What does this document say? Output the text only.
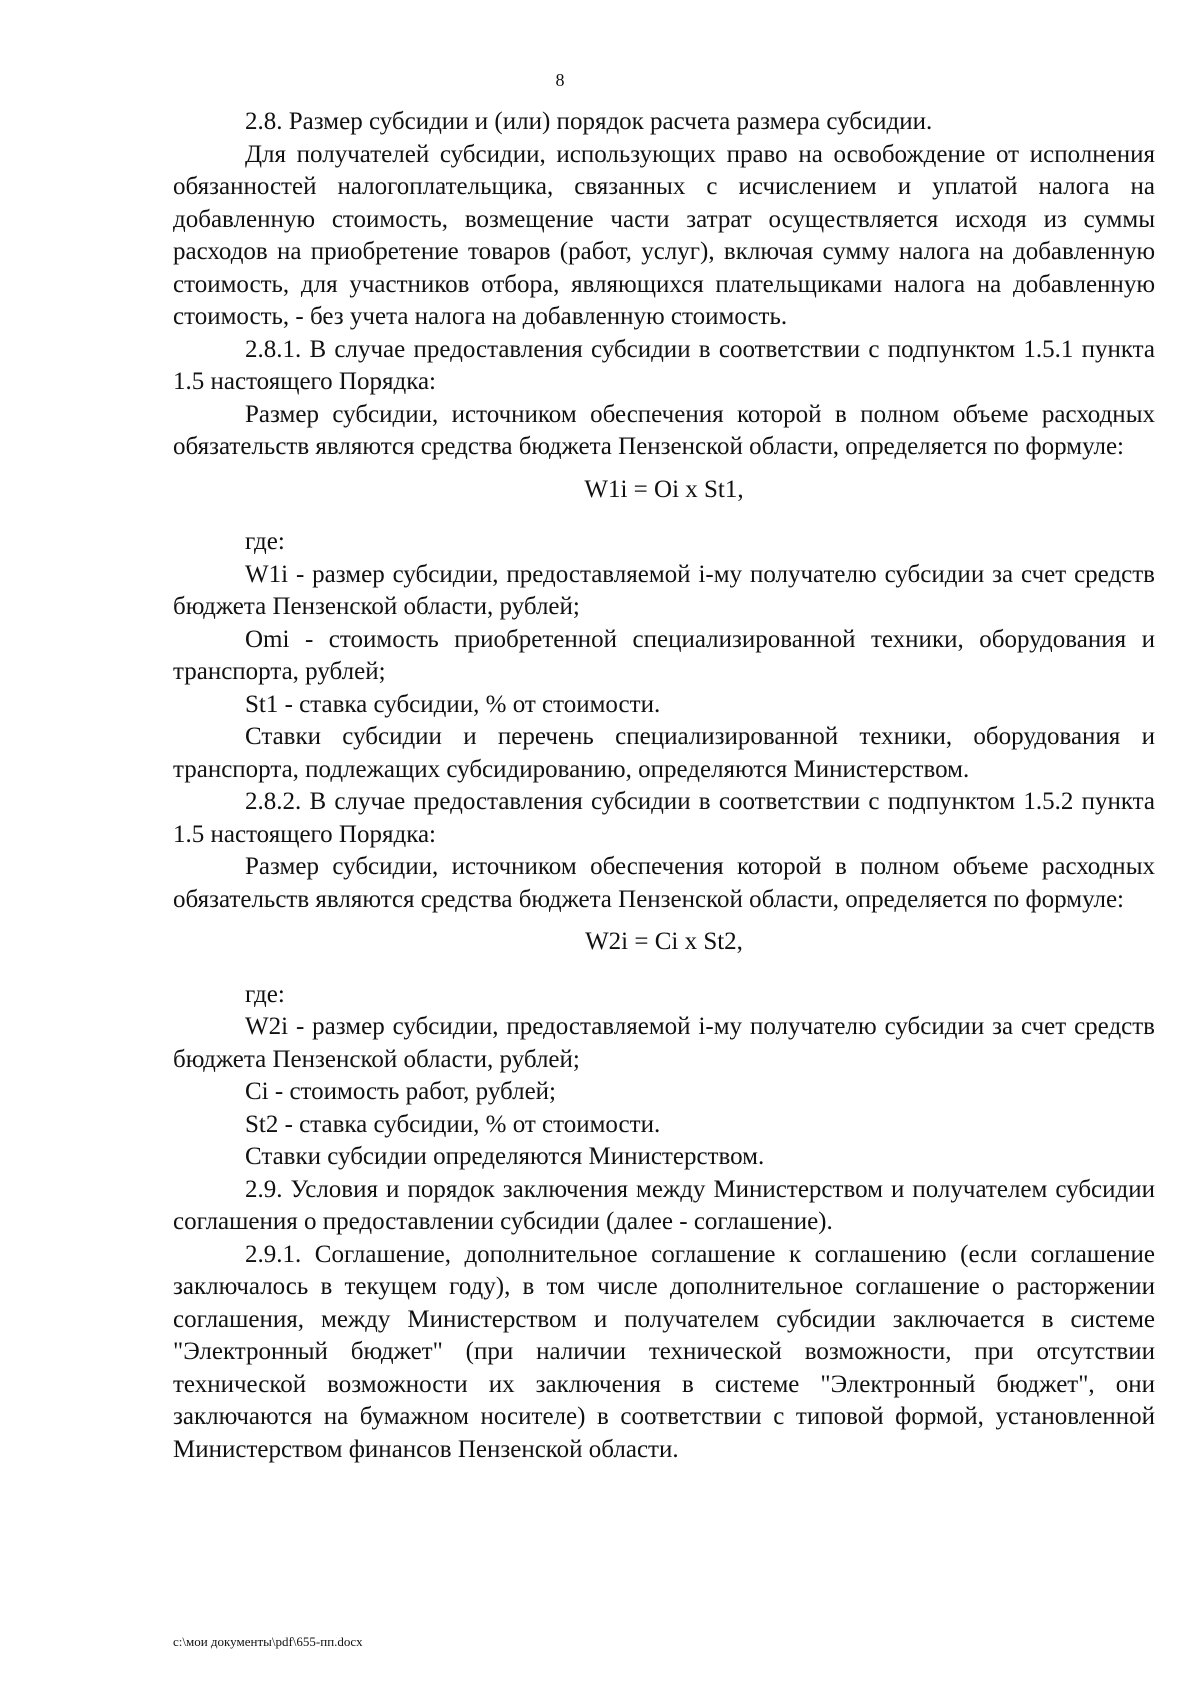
8

2.8. Размер субсидии и (или) порядок расчета размера субсидии.

Для получателей субсидии, использующих право на освобождение от исполнения обязанностей налогоплательщика, связанных с исчислением и уплатой налога на добавленную стоимость, возмещение части затрат осуществляется исходя из суммы расходов на приобретение товаров (работ, услуг), включая сумму налога на добавленную стоимость, для участников отбора, являющихся плательщиками налога на добавленную стоимость, - без учета налога на добавленную стоимость.

2.8.1. В случае предоставления субсидии в соответствии с подпунктом 1.5.1 пункта 1.5 настоящего Порядка:

Размер субсидии, источником обеспечения которой в полном объеме расходных обязательств являются средства бюджета Пензенской области, определяется по формуле:

W1i = Oi x St1,

где:

W1i - размер субсидии, предоставляемой i-му получателю субсидии за счет средств бюджета Пензенской области, рублей;

Omi - стоимость приобретенной специализированной техники, оборудования и транспорта, рублей;

St1 - ставка субсидии, % от стоимости.

Ставки субсидии и перечень специализированной техники, оборудования и транспорта, подлежащих субсидированию, определяются Министерством.

2.8.2. В случае предоставления субсидии в соответствии с подпунктом 1.5.2 пункта 1.5 настоящего Порядка:

Размер субсидии, источником обеспечения которой в полном объеме расходных обязательств являются средства бюджета Пензенской области, определяется по формуле:

W2i = Ci x St2,

где:

W2i - размер субсидии, предоставляемой i-му получателю субсидии за счет средств бюджета Пензенской области, рублей;

Ci - стоимость работ, рублей;

St2 - ставка субсидии, % от стоимости.

Ставки субсидии определяются Министерством.

2.9. Условия и порядок заключения между Министерством и получателем субсидии соглашения о предоставлении субсидии (далее - соглашение).

2.9.1. Соглашение, дополнительное соглашение к соглашению (если соглашение заключалось в текущем году), в том числе дополнительное соглашение о расторжении соглашения, между Министерством и получателем субсидии заключается в системе "Электронный бюджет" (при наличии технической возможности, при отсутствии технической возможности их заключения в системе "Электронный бюджет", они заключаются на бумажном носителе) в соответствии с типовой формой, установленной Министерством финансов Пензенской области.

c:\мои документы\pdf\655-пп.docx
